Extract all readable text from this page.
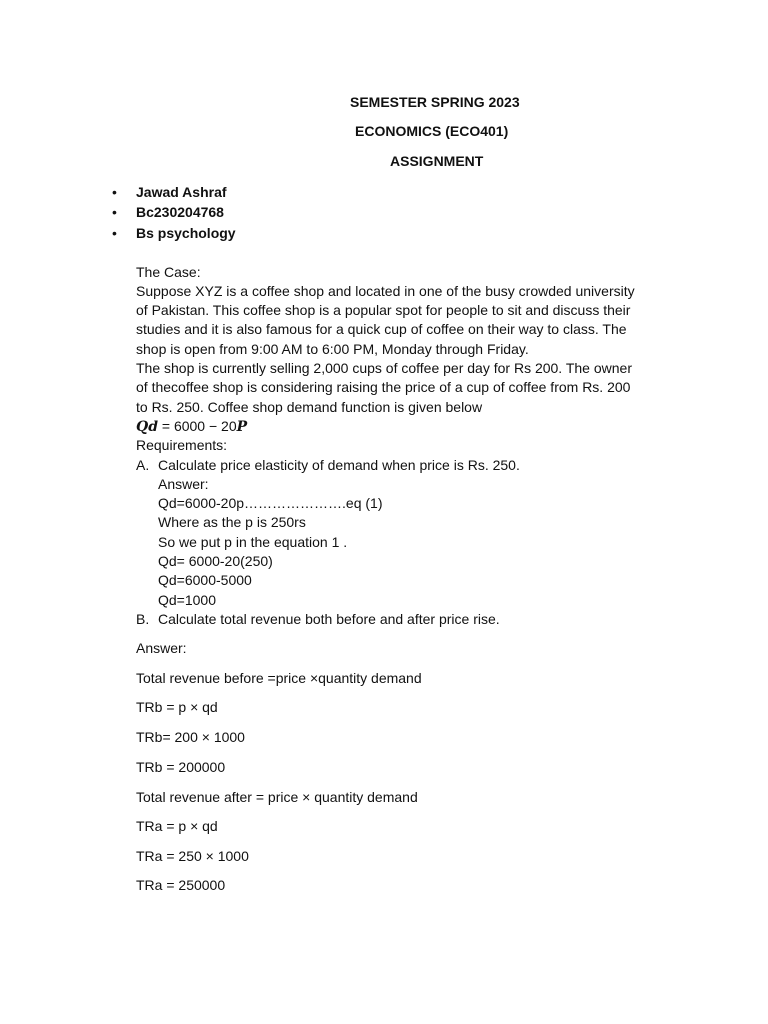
SEMESTER SPRING 2023
ECONOMICS (ECO401)
ASSIGNMENT
• Jawad Ashraf
• Bc230204768
• Bs psychology
The Case:
Suppose XYZ is a coffee shop and located in one of the busy crowded university
of Pakistan. This coffee shop is a popular spot for people to sit and discuss their
studies and it is also famous for a quick cup of coffee on their way to class. The
shop is open from 9:00 AM to 6:00 PM, Monday through Friday.
The shop is currently selling 2,000 cups of coffee per day for Rs 200. The owner
of thecoffee shop is considering raising the price of a cup of coffee from Rs. 200
to Rs. 250. Coffee shop demand function is given below
Qd = 6000 − 20P
Requirements:
A. Calculate price elasticity of demand when price is Rs. 250.
Answer:
Qd=6000-20p………………….eq (1)
Where as the p is 250rs
So we put p in the equation 1 .
Qd= 6000-20(250)
Qd=6000-5000
Qd=1000
B. Calculate total revenue both before and after price rise.
Answer:
Total revenue before =price ×quantity demand
TRb = p × qd
TRb= 200 × 1000
TRb = 200000
Total revenue after = price × quantity demand
TRa = p × qd
TRa = 250 × 1000
TRa = 250000
